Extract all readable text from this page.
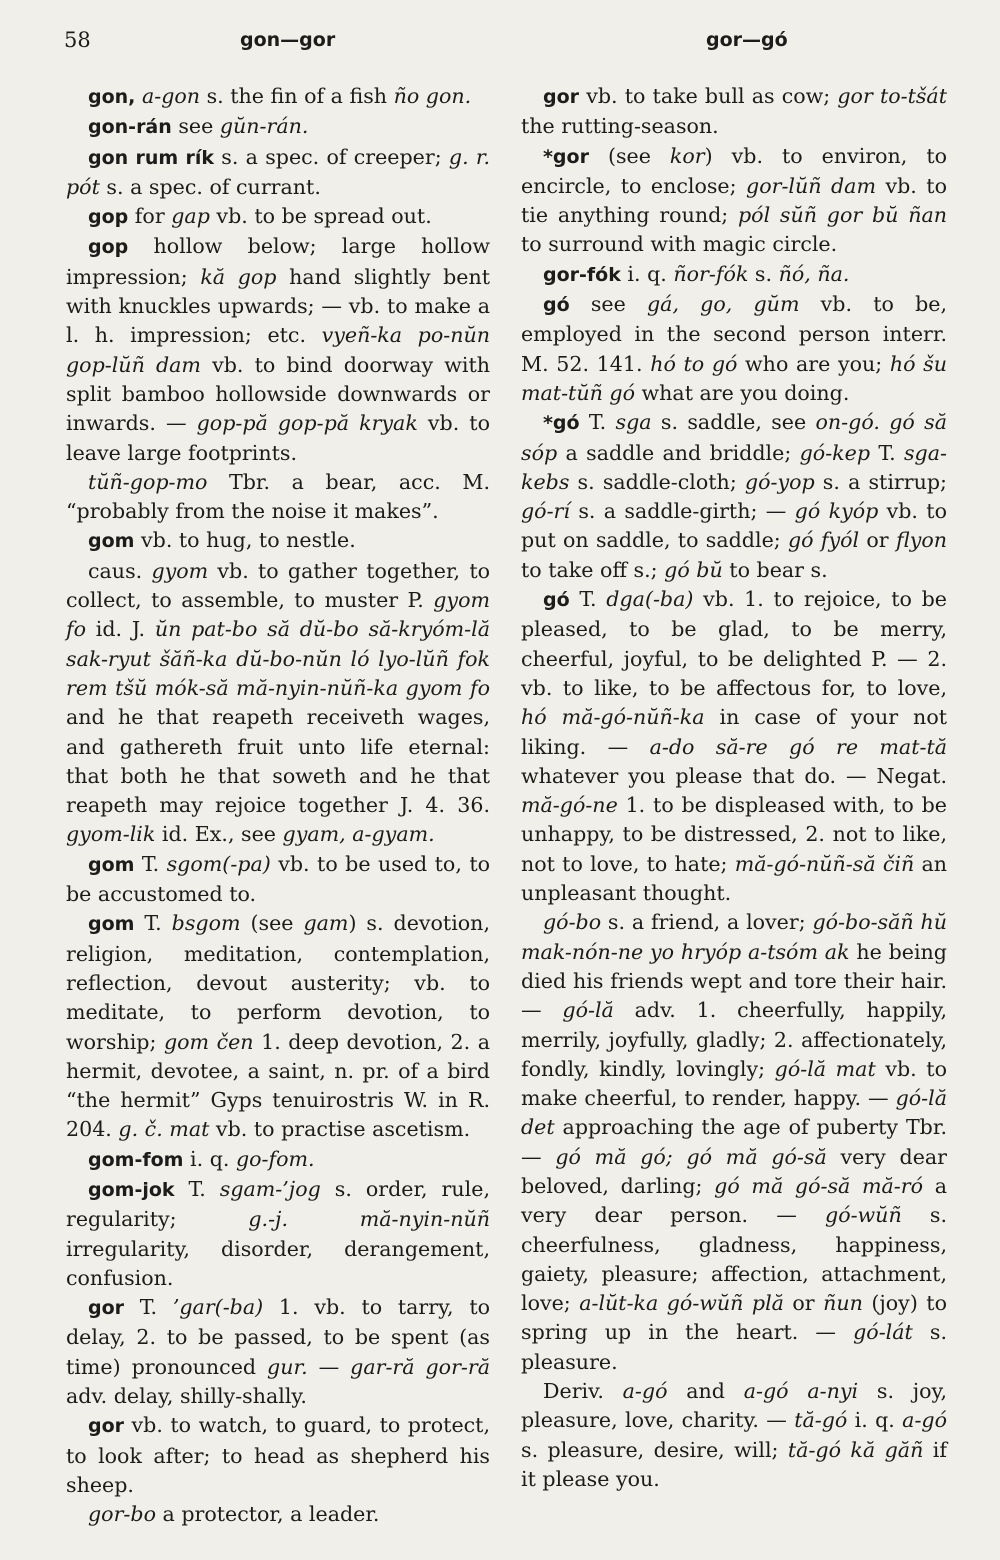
58	gon—gor	gor—gó

gon, a-gon s. the fin of a fish ño gon.

gon-rán see gŭn-rán.

gon rum rík s. a spec. of creeper; g. r. pót s. a spec. of currant.

gop for gap vb. to be spread out.

gop hollow below; large hollow impression; kă gop hand slightly bent with knuckles upwards; — vb. to make a l. h. impression; etc. vyeñ-ka po-nŭn gop-lŭñ dam vb. to bind doorway with split bamboo hollowside downwards or inwards. — gop-pă gop-pă kryak vb. to leave large footprints.

tŭñ-gop-mo Tbr. a bear, acc. M. “probably from the noise it makes”.

gom vb. to hug, to nestle.

caus. gyom vb. to gather together, to collect, to assemble, to muster P. gyom fo id. J. ŭn pat-bo să dŭ-bo să-kryóm-lă sak-ryut šăñ-ka dŭ-bo-nŭn ló lyo-lŭñ fok rem tšŭ mók-să mă-nyin-nŭñ-ka gyom fo and he that reapeth receiveth wages, and gathereth fruit unto life eternal: that both he that soweth and he that reapeth may rejoice together J. 4. 36. gyom-lik id. Ex., see gyam, a-gyam.

gom T. sgom(-pa) vb. to be used to, to be accustomed to.

gom T. bsgom (see gam) s. devotion, religion, meditation, contemplation, reflection, devout austerity; vb. to meditate, to perform devotion, to worship; gom čen 1. deep devotion, 2. a hermit, devotee, a saint, n. pr. of a bird “the hermit” Gyps tenuirostris W. in R. 204. g. č. mat vb. to practise ascetism.

gom-fom i. q. go-fom.

gom-jok T. sgam-’jog s. order, rule, regularity; g.-j. mă-nyin-nŭñ irregularity, disorder, derangement, confusion.

gor T. ’gar(-ba) 1. vb. to tarry, to delay, 2. to be passed, to be spent (as time) pronounced gur. — gar-ră gor-ră adv. delay, shilly-shally.

gor vb. to watch, to guard, to protect, to look after; to head as shepherd his sheep.

gor-bo a protector, a leader.

gor vb. to take bull as cow; gor to-tšát the rutting-season.

*gor (see kor) vb. to environ, to encircle, to enclose; gor-lŭñ dam vb. to tie anything round; pól sŭñ gor bŭ ñan to surround with magic circle.

gor-fók i. q. ñor-fók s. ñó, ña.

gó see gá, go, gŭm vb. to be, employed in the second person interr. M. 52. 141. hó to gó who are you; hó šu mat-tŭñ gó what are you doing.

*gó T. sga s. saddle, see on-gó. gó să sóp a saddle and briddle; gó-kep T. sga-kebs s. saddle-cloth; gó-yop s. a stirrup; gó-rí s. a saddle-girth; — gó kyóp vb. to put on saddle, to saddle; gó fyól or flyon to take off s.; gó bŭ to bear s.

gó T. dga(-ba) vb. 1. to rejoice, to be pleased, to be glad, to be merry, cheerful, joyful, to be delighted P. — 2. vb. to like, to be affectous for, to love, hó mă-gó-nŭñ-ka in case of your not liking. — a-do să-re gó re mat-tă whatever you please that do. — Negat. mă-gó-ne 1. to be displeased with, to be unhappy, to be distressed, 2. not to like, not to love, to hate; mă-gó-nŭñ-să čiñ an unpleasant thought.

gó-bo s. a friend, a lover; gó-bo-săñ hŭ mak-nón-ne yo hryóp a-tsóm ak he being died his friends wept and tore their hair. — gó-lă adv. 1. cheerfully, happily, merrily, joyfully, gladly; 2. affectionately, fondly, kindly, lovingly; gó-lă mat vb. to make cheerful, to render, happy. — gó-lă det approaching the age of puberty Tbr. — gó mă gó; gó mă gó-să very dear beloved, darling; gó mă gó-să mă-ró a very dear person. — gó-wŭñ s. cheerfulness, gladness, happiness, gaiety, pleasure; affection, attachment, love; a-lŭt-ka gó-wŭñ plă or ñun (joy) to spring up in the heart. — gó-lát s. pleasure.

Deriv. a-gó and a-gó a-nyi s. joy, pleasure, love, charity. — tă-gó i. q. a-gó s. pleasure, desire, will; tă-gó kă găñ if it please you.
